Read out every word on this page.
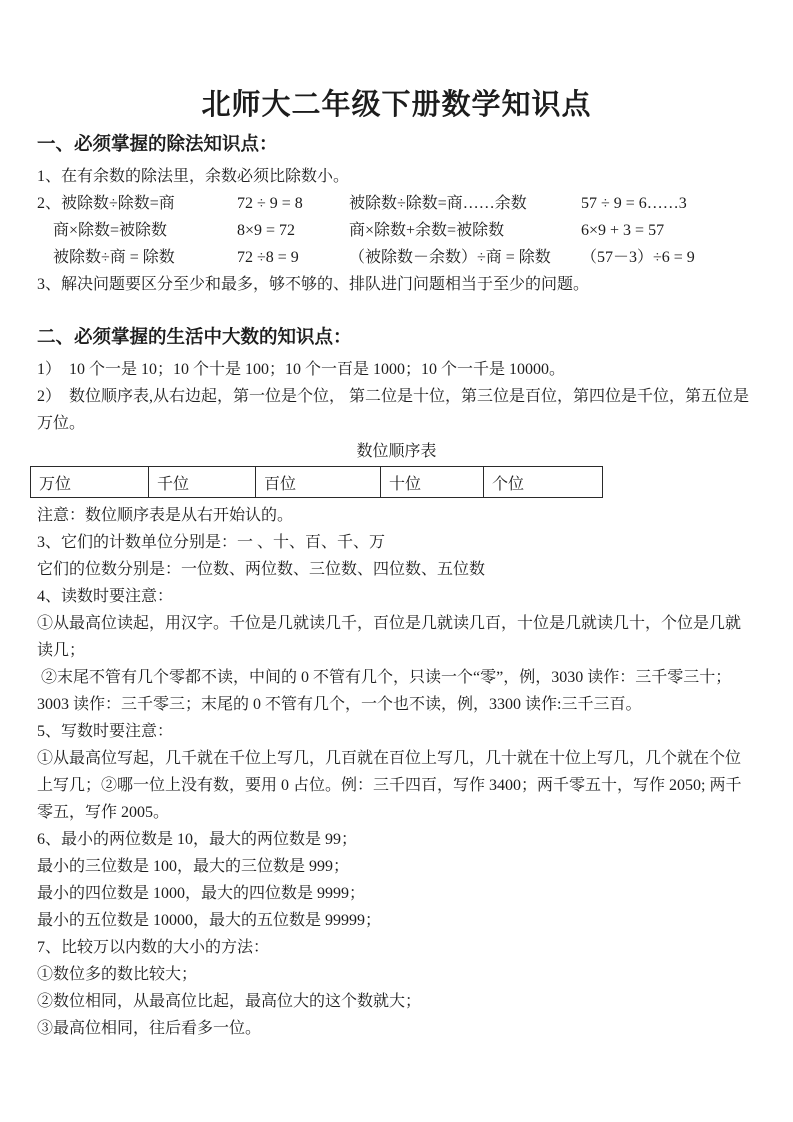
北师大二年级下册数学知识点
一、必须掌握的除法知识点：

1、在有余数的除法里，余数必须比除数小。

2、被除数÷除数=商	72 ÷ 9 = 8	被除数÷除数=商……余数	57 ÷ 9 = 6……3
　商×除数=被除数	8×9 = 72	商×除数+余数=被除数	6×9 + 3 = 57
　被除数÷商 = 除数	72 ÷8 = 9	（被除数－余数）÷商 = 除数	（57－3）÷6 = 9

3、解决问题要区分至少和最多，够不够的、排队进门问题相当于至少的问题。

二、必须掌握的生活中大数的知识点：

1）  10 个一是 10；10 个十是 100；10 个一百是 1000；10 个一千是 10000。

2）  数位顺序表,从右边起，第一位是个位， 第二位是十位，第三位是百位，第四位是千位，第五位是万位。

数位顺序表

万位	千位	百位	十位	个位

注意：数位顺序表是从右开始认的。

3、它们的计数单位分别是：一 、十、百、千、万

它们的位数分别是：一位数、两位数、三位数、四位数、五位数

4、读数时要注意：

①从最高位读起，用汉字。千位是几就读几千，百位是几就读几百，十位是几就读几十，个位是几就读几；

②末尾不管有几个零都不读，中间的 0 不管有几个，只读一个“零”，例，3030 读作：三千零三十；3003 读作：三千零三；末尾的 0 不管有几个，一个也不读，例，3300 读作:三千三百。

5、写数时要注意：

①从最高位写起，几千就在千位上写几，几百就在百位上写几，几十就在十位上写几，几个就在个位上写几；②哪一位上没有数，要用 0 占位。例：三千四百，写作 3400；两千零五十，写作 2050; 两千零五，写作 2005。

6、最小的两位数是 10，最大的两位数是 99；

最小的三位数是 100，最大的三位数是 999；

最小的四位数是 1000，最大的四位数是 9999；

最小的五位数是 10000，最大的五位数是 99999；

7、比较万以内数的大小的方法：

①数位多的数比较大；

②数位相同，从最高位比起，最高位大的这个数就大；

③最高位相同，往后看多一位。
